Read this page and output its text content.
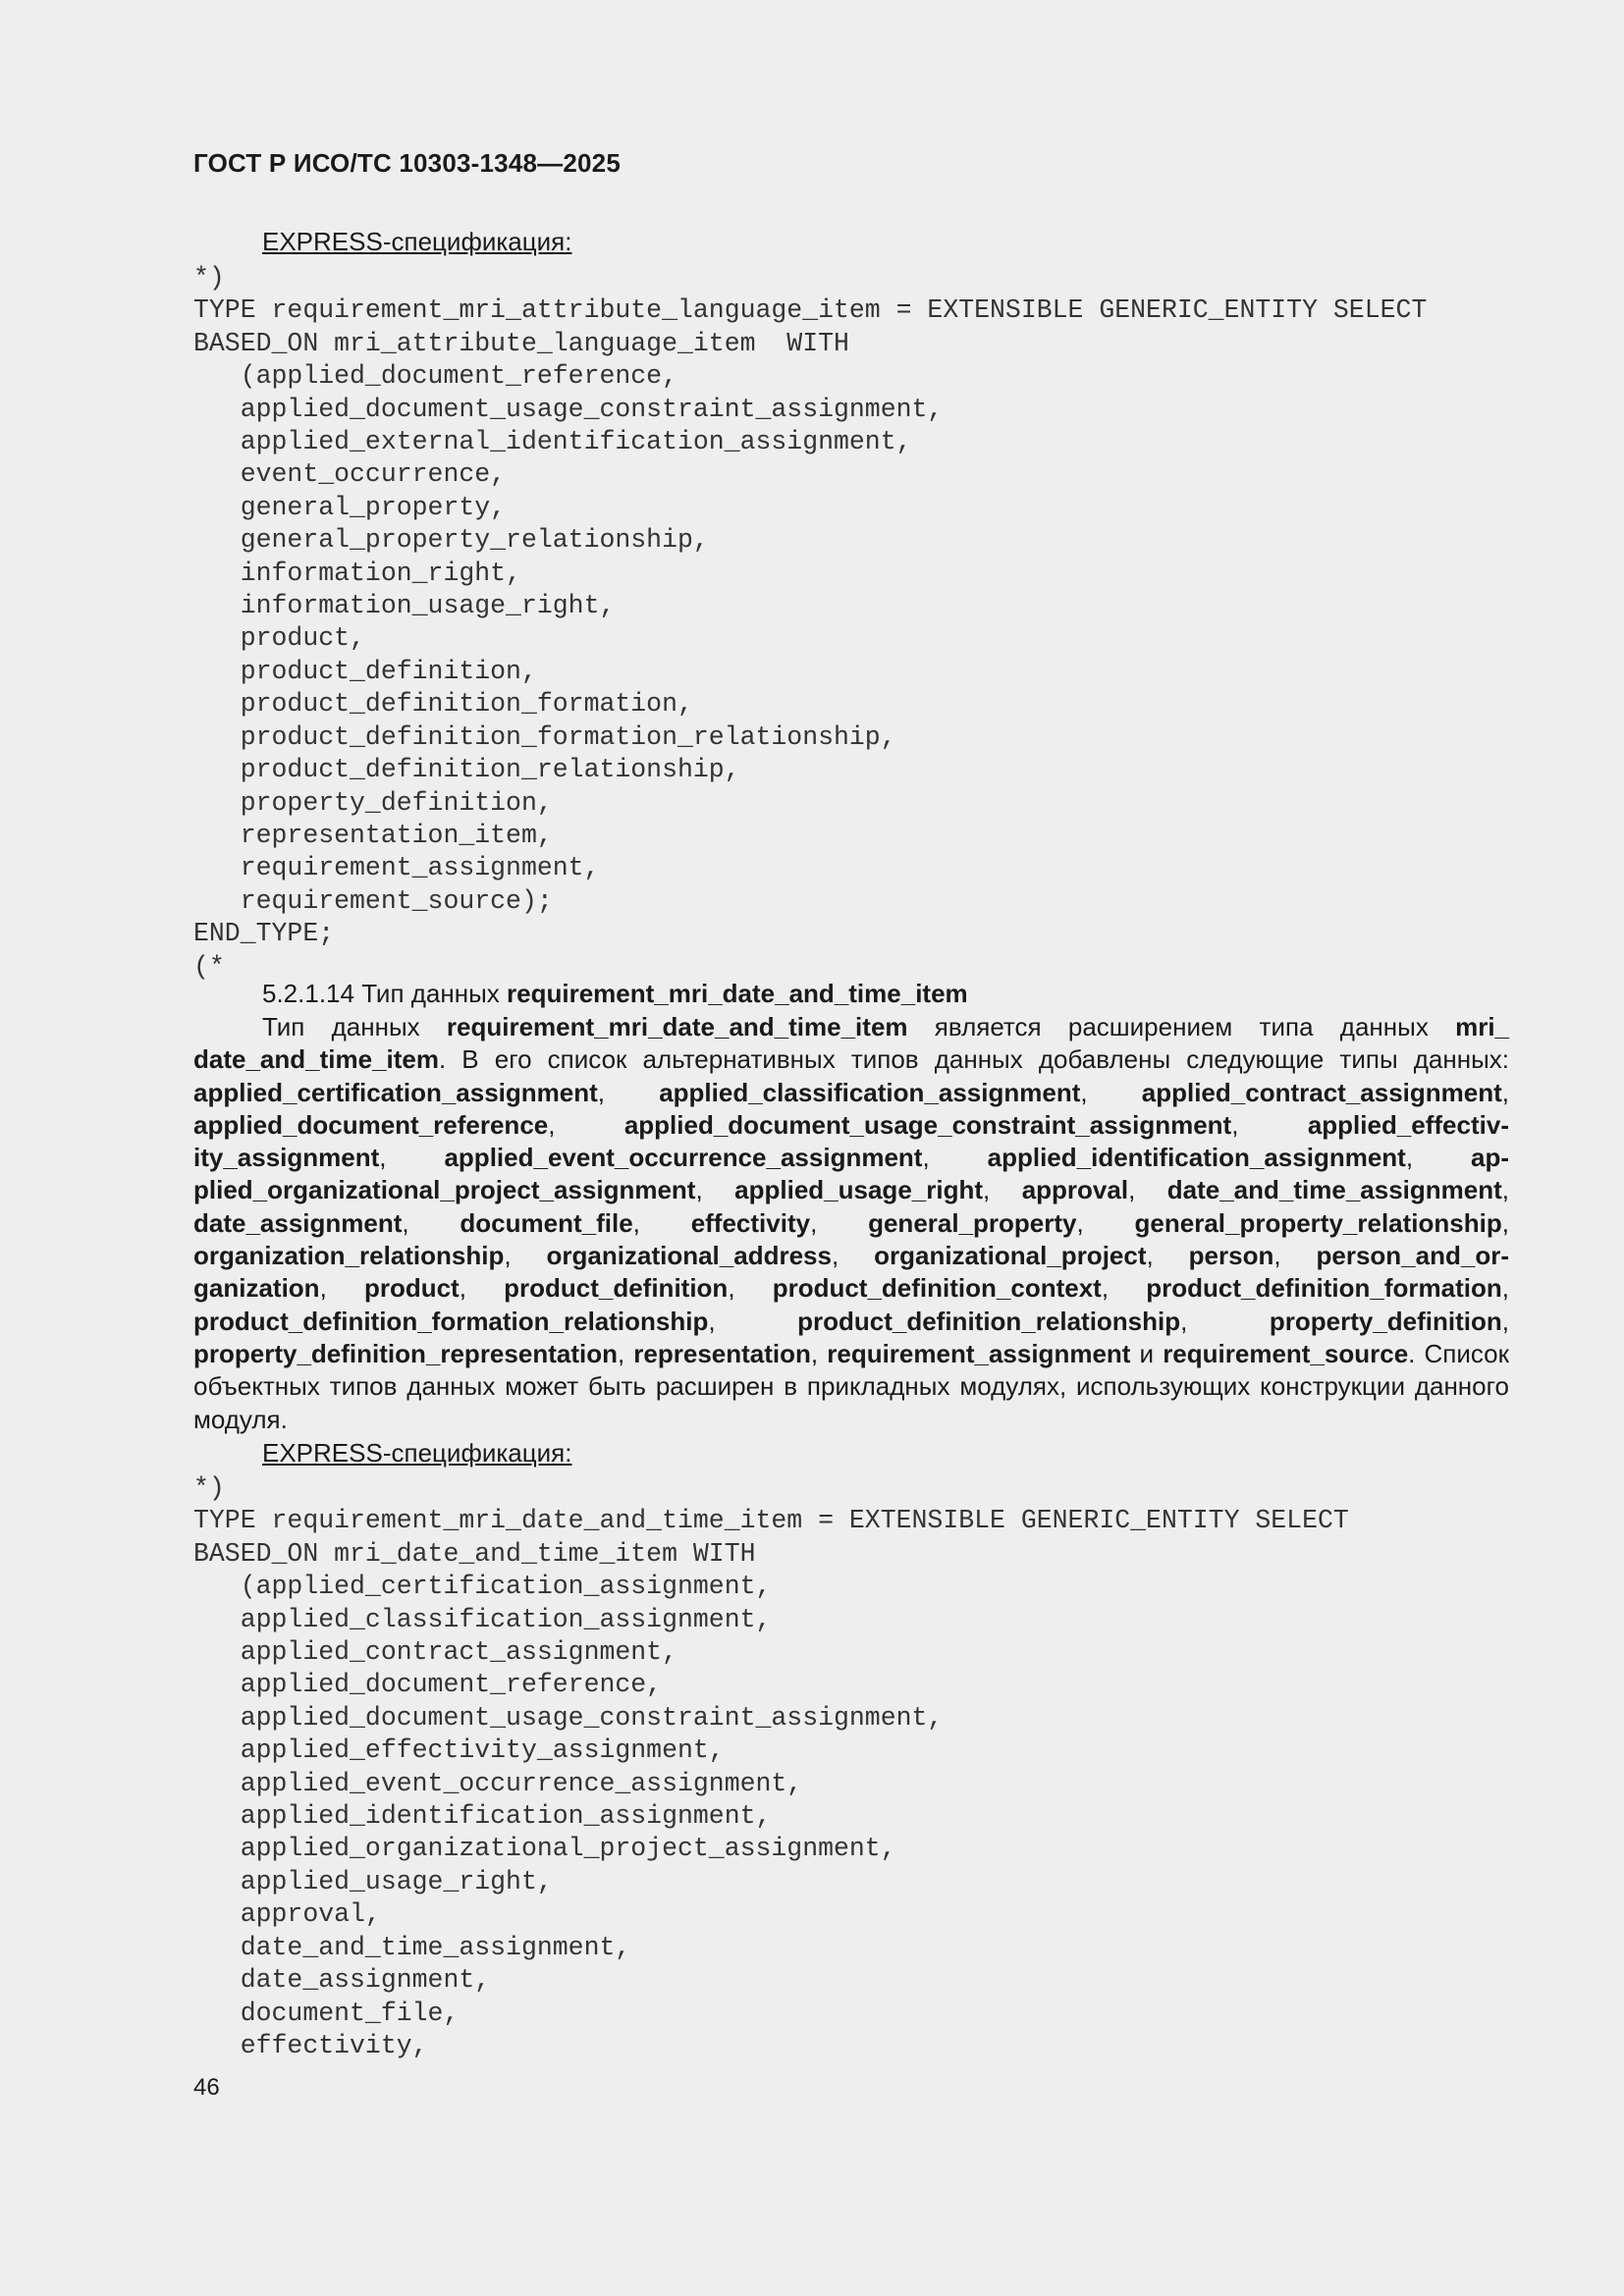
ГОСТ Р ИСО/ТС 10303-1348—2025
EXPRESS-спецификация:
*)
TYPE requirement_mri_attribute_language_item = EXTENSIBLE GENERIC_ENTITY SELECT
BASED_ON mri_attribute_language_item  WITH
(applied_document_reference,
applied_document_usage_constraint_assignment,
applied_external_identification_assignment,
event_occurrence,
general_property,
general_property_relationship,
information_right,
information_usage_right,
product,
product_definition,
product_definition_formation,
product_definition_formation_relationship,
product_definition_relationship,
property_definition,
representation_item,
requirement_assignment,
requirement_source);
END_TYPE;
(*
5.2.1.14 Тип данных requirement_mri_date_and_time_item
Тип данных requirement_mri_date_and_time_item является расширением типа данных mri_​date_and_time_item. В его список альтернативных типов данных добавлены следующие типы данных: applied_certification_assignment, applied_classification_assignment, applied_contract_assignment, applied_document_reference, applied_document_usage_constraint_assignment, applied_effectivity_assignment, applied_event_occurrence_assignment, applied_identification_assignment, applied_organizational_project_assignment, applied_usage_right, approval, date_and_time_assignment, date_assignment, document_file, effectivity, general_property, general_property_relationship, organization_relationship, organizational_address, organizational_project, person, person_and_organization, product, product_definition, product_definition_context, product_definition_formation, product_definition_formation_relationship, product_definition_relationship, property_definition, property_definition_representation, representation, requirement_assignment и requirement_source. Список объектных типов данных может быть расширен в прикладных модулях, использующих конструкции данного модуля.
EXPRESS-спецификация:
*)
TYPE requirement_mri_date_and_time_item = EXTENSIBLE GENERIC_ENTITY SELECT
BASED_ON mri_date_and_time_item WITH
(applied_certification_assignment,
applied_classification_assignment,
applied_contract_assignment,
applied_document_reference,
applied_document_usage_constraint_assignment,
applied_effectivity_assignment,
applied_event_occurrence_assignment,
applied_identification_assignment,
applied_organizational_project_assignment,
applied_usage_right,
approval,
date_and_time_assignment,
date_assignment,
document_file,
effectivity,
46
